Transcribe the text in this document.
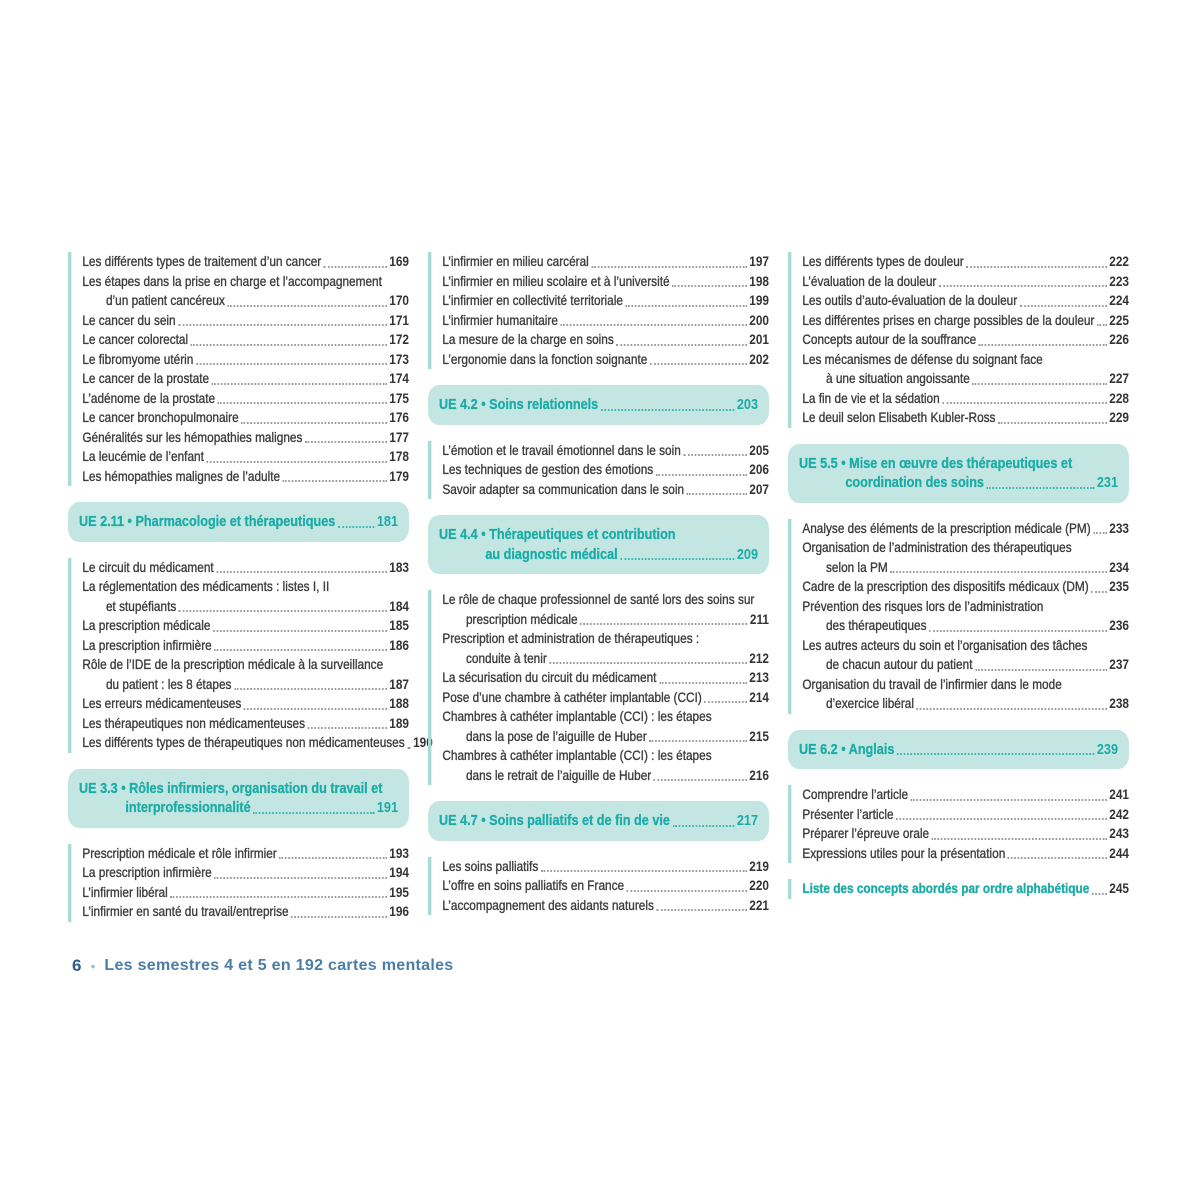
Les différents types de traitement d’un cancer	169
Les étapes dans la prise en charge et l’accompagnement
d’un patient cancéreux	170
Le cancer du sein	171
Le cancer colorectal	172
Le fibromyome utérin	173
Le cancer de la prostate	174
L’adénome de la prostate	175
Le cancer bronchopulmonaire	176
Généralités sur les hémopathies malignes	177
La leucémie de l’enfant	178
Les hémopathies malignes de l’adulte	179
UE 2.11 • Pharmacologie et thérapeutiques	181
Le circuit du médicament	183
La réglementation des médicaments : listes I, II
et stupéfiants	184
La prescription médicale	185
La prescription infirmière	186
Rôle de l’IDE de la prescription médicale à la surveillance
du patient : les 8 étapes	187
Les erreurs médicamenteuses	188
Les thérapeutiques non médicamenteuses	189
Les différents types de thérapeutiques non médicamenteuses 190
UE 3.3 • Rôles infirmiers, organisation du travail et
interprofessionnalité	191
Prescription médicale et rôle infirmier	193
La prescription infirmière	194
L’infirmier libéral	195
L’infirmier en santé du travail/entreprise	196
L’infirmier en milieu carcéral	197
L’infirmier en milieu scolaire et à l’université	198
L’infirmier en collectivité territoriale	199
L’infirmier humanitaire	200
La mesure de la charge en soins	201
L’ergonomie dans la fonction soignante	202
UE 4.2 • Soins relationnels	203
L’émotion et le travail émotionnel dans le soin	205
Les techniques de gestion des émotions	206
Savoir adapter sa communication dans le soin	207
UE 4.4 • Thérapeutiques et contribution
au diagnostic médical	209
Le rôle de chaque professionnel de santé lors des soins sur
prescription médicale	211
Prescription et administration de thérapeutiques :
conduite à tenir	212
La sécurisation du circuit du médicament	213
Pose d’une chambre à cathéter implantable (CCI)	214
Chambres à cathéter implantable (CCI) : les étapes
dans la pose de l’aiguille de Huber	215
Chambres à cathéter implantable (CCI) : les étapes
dans le retrait de l’aiguille de Huber	216
UE 4.7 • Soins palliatifs et de fin de vie	217
Les soins palliatifs	219
L’offre en soins palliatifs en France	220
L’accompagnement des aidants naturels	221
Les différents types de douleur	222
L’évaluation de la douleur	223
Les outils d’auto-évaluation de la douleur	224
Les différentes prises en charge possibles de la douleur 225
Concepts autour de la souffrance	226
Les mécanismes de défense du soignant face
à une situation angoissante	227
La fin de vie et la sédation	228
Le deuil selon Elisabeth Kubler-Ross	229
UE 5.5 • Mise en œuvre des thérapeutiques et
coordination des soins	231
Analyse des éléments de la prescription médicale (PM) 233
Organisation de l’administration des thérapeutiques
selon la PM	234
Cadre de la prescription des dispositifs médicaux (DM) 235
Prévention des risques lors de l’administration
des thérapeutiques	236
Les autres acteurs du soin et l’organisation des tâches
de chacun autour du patient	237
Organisation du travail de l’infirmier dans le mode
d’exercice libéral	238
UE 6.2 • Anglais	239
Comprendre l’article	241
Présenter l’article	242
Préparer l’épreuve orale	243
Expressions utiles pour la présentation	244
Liste des concepts abordés par ordre alphabétique 245
6 • Les semestres 4 et 5 en 192 cartes mentales
